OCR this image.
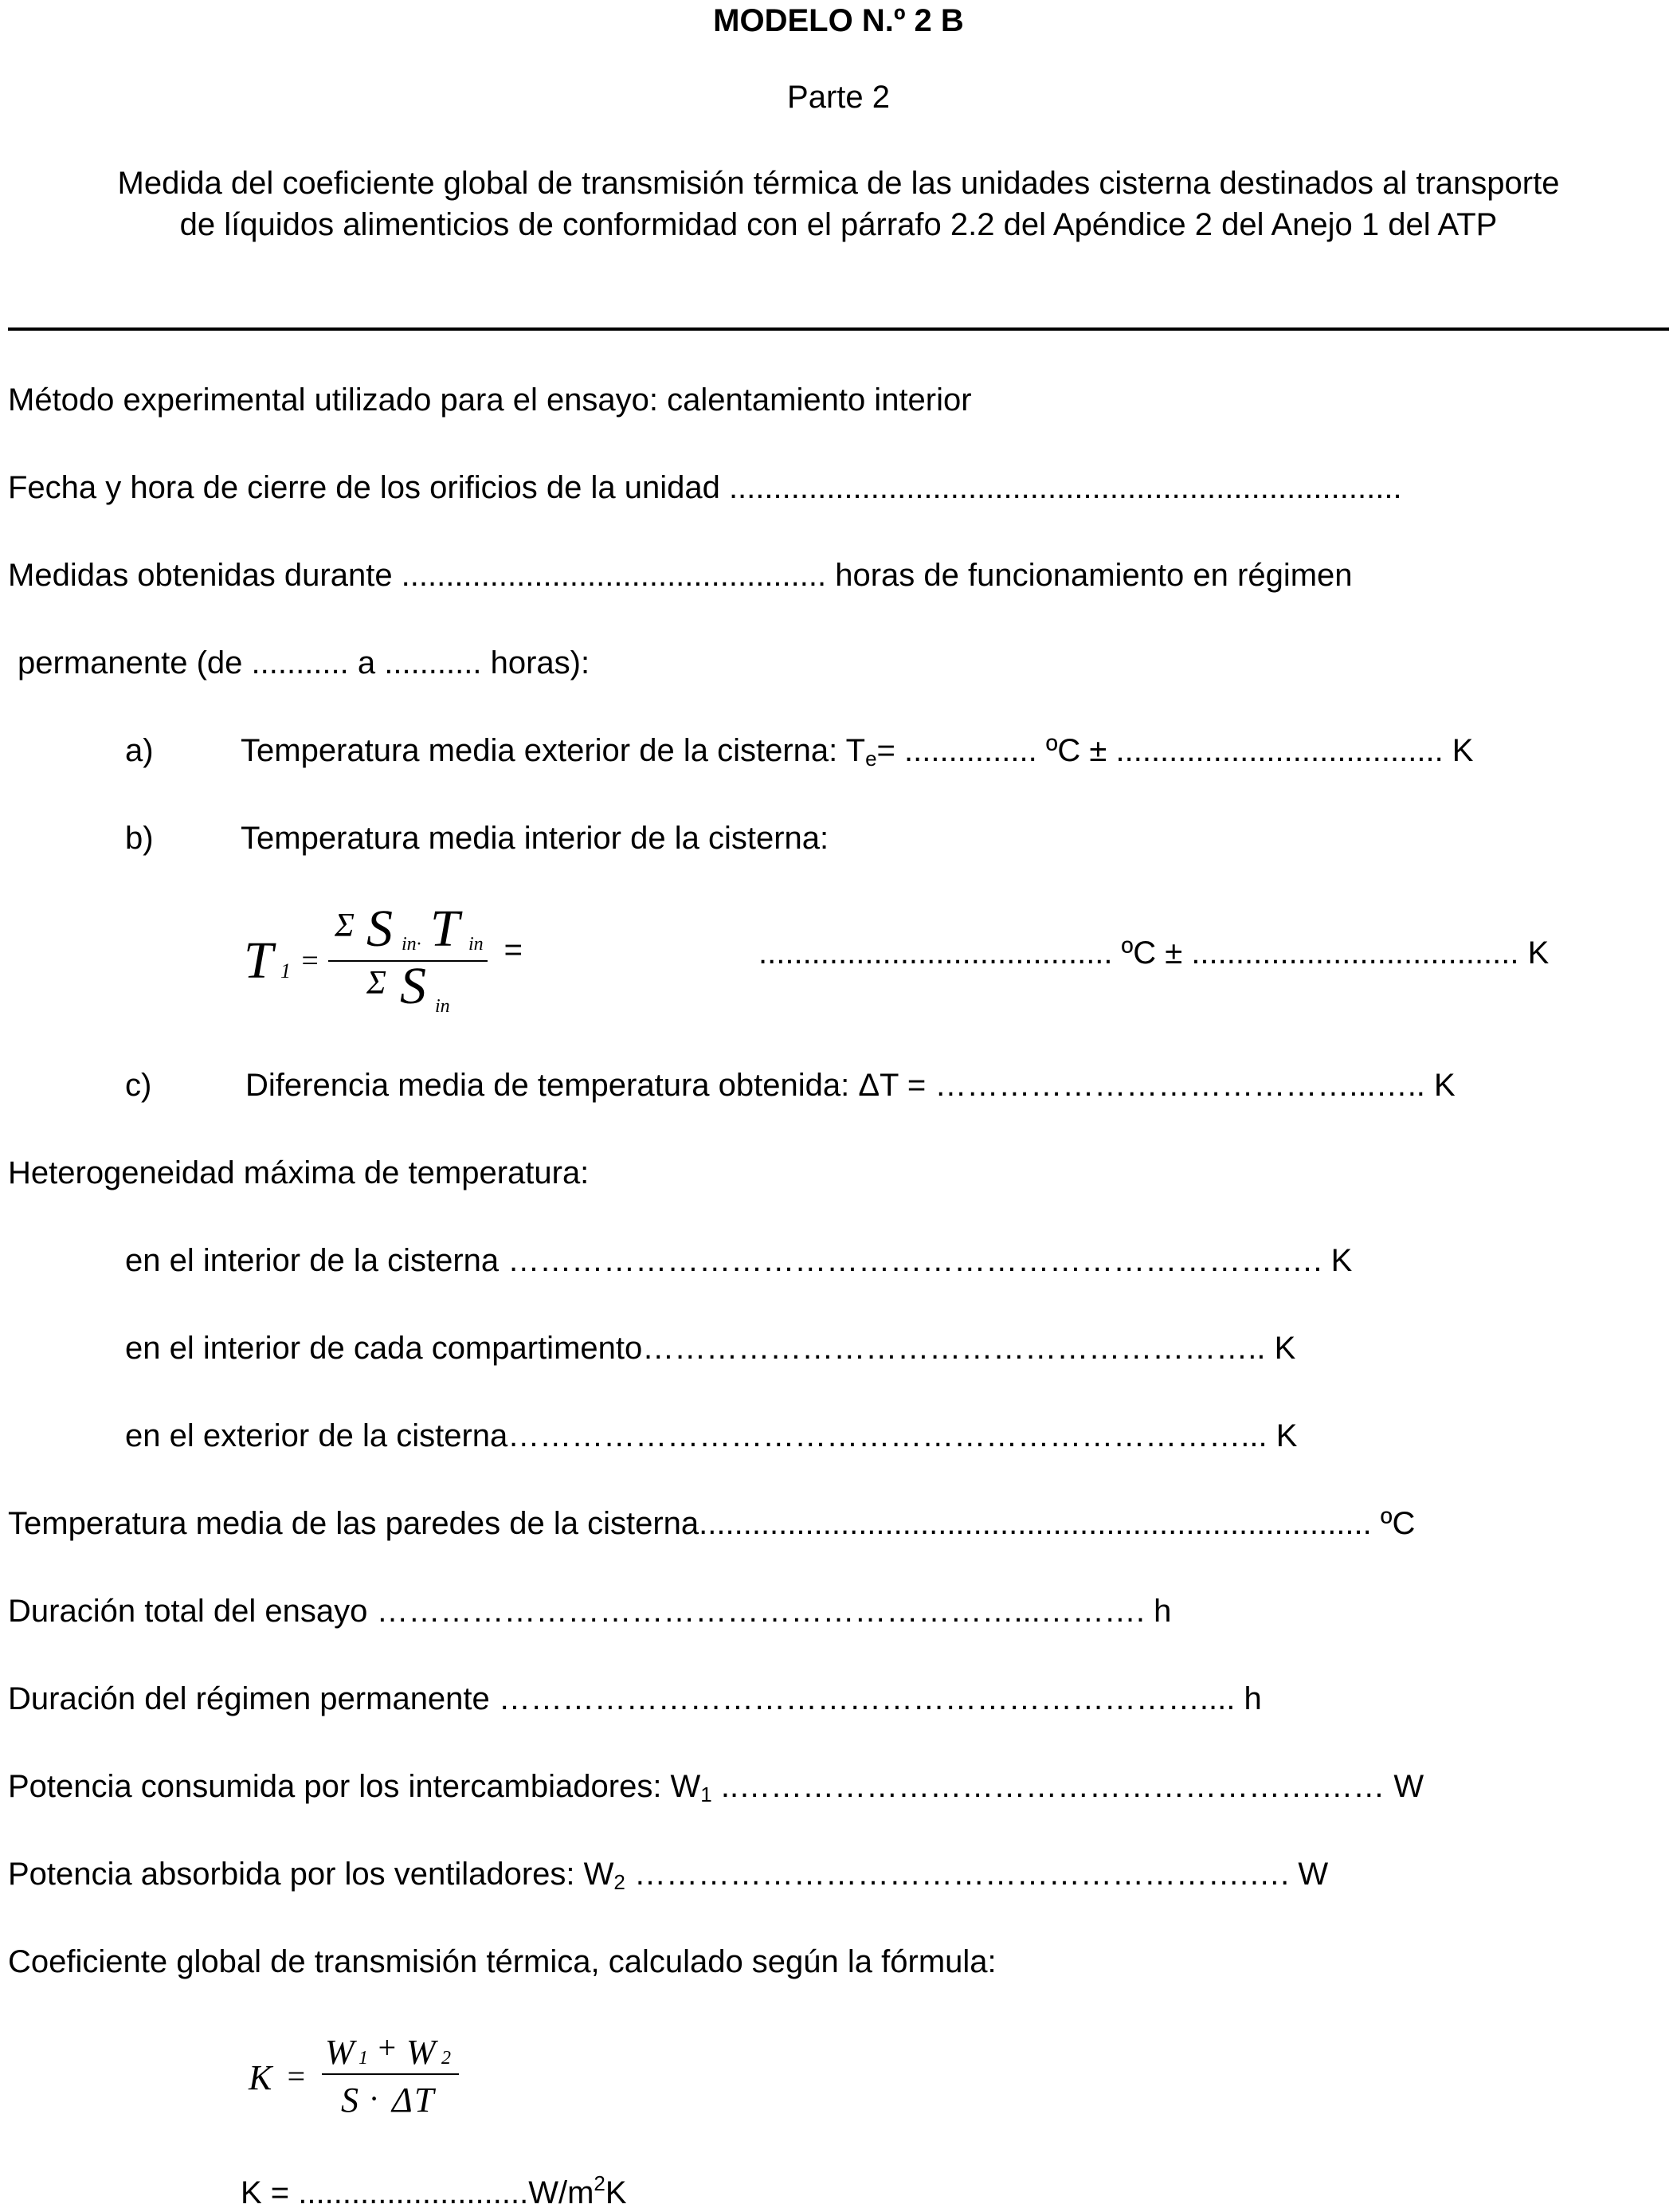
MODELO N.º 2 B
Parte 2
Medida del coeficiente global de transmisión térmica de las unidades cisterna destinados al transporte
de líquidos alimenticios de conformidad con el párrafo 2.2 del Apéndice 2 del Anejo 1 del ATP
Método experimental utilizado para el ensayo: calentamiento interior
Fecha y hora de cierre de los orificios de la unidad ............................................................................
Medidas obtenidas durante ................................................ horas de funcionamiento en régimen
permanente (de ........... a ........... horas):
a)	Temperatura media exterior de la cisterna: $T_e=$ ............... ºC ± ..................................... K
b)	Temperatura media interior de la cisterna:
T 1 =
Σ S in· T in
Σ S in
=	........................................ ºC ± ..................................... K
c)	Diferencia media de temperatura obtenida: ΔT = …………………………………...….. K
Heterogeneidad máxima de temperatura:
en el interior de la cisterna ……………………………………………………………….…. K
en el interior de cada compartimento………………………………………………….. K
en el exterior de la cisterna……………………………………………………………... K
Temperatura media de las paredes de la cisterna............................................................................ ºC
Duración total del ensayo ……………………………………………………...………. h
Duración del régimen permanente ………………………………………………………….... h
Potencia consumida por los intercambiadores: $W_1$ ..……………………………………………….…… W
Potencia absorbida por los ventiladores: $W_2$ ………………………………………………….…. W
Coeficiente global de transmisión térmica, calculado según la fórmula:
K =
W 1 + W 2
S · Δ T
$K = ..........................W/m^2K$
